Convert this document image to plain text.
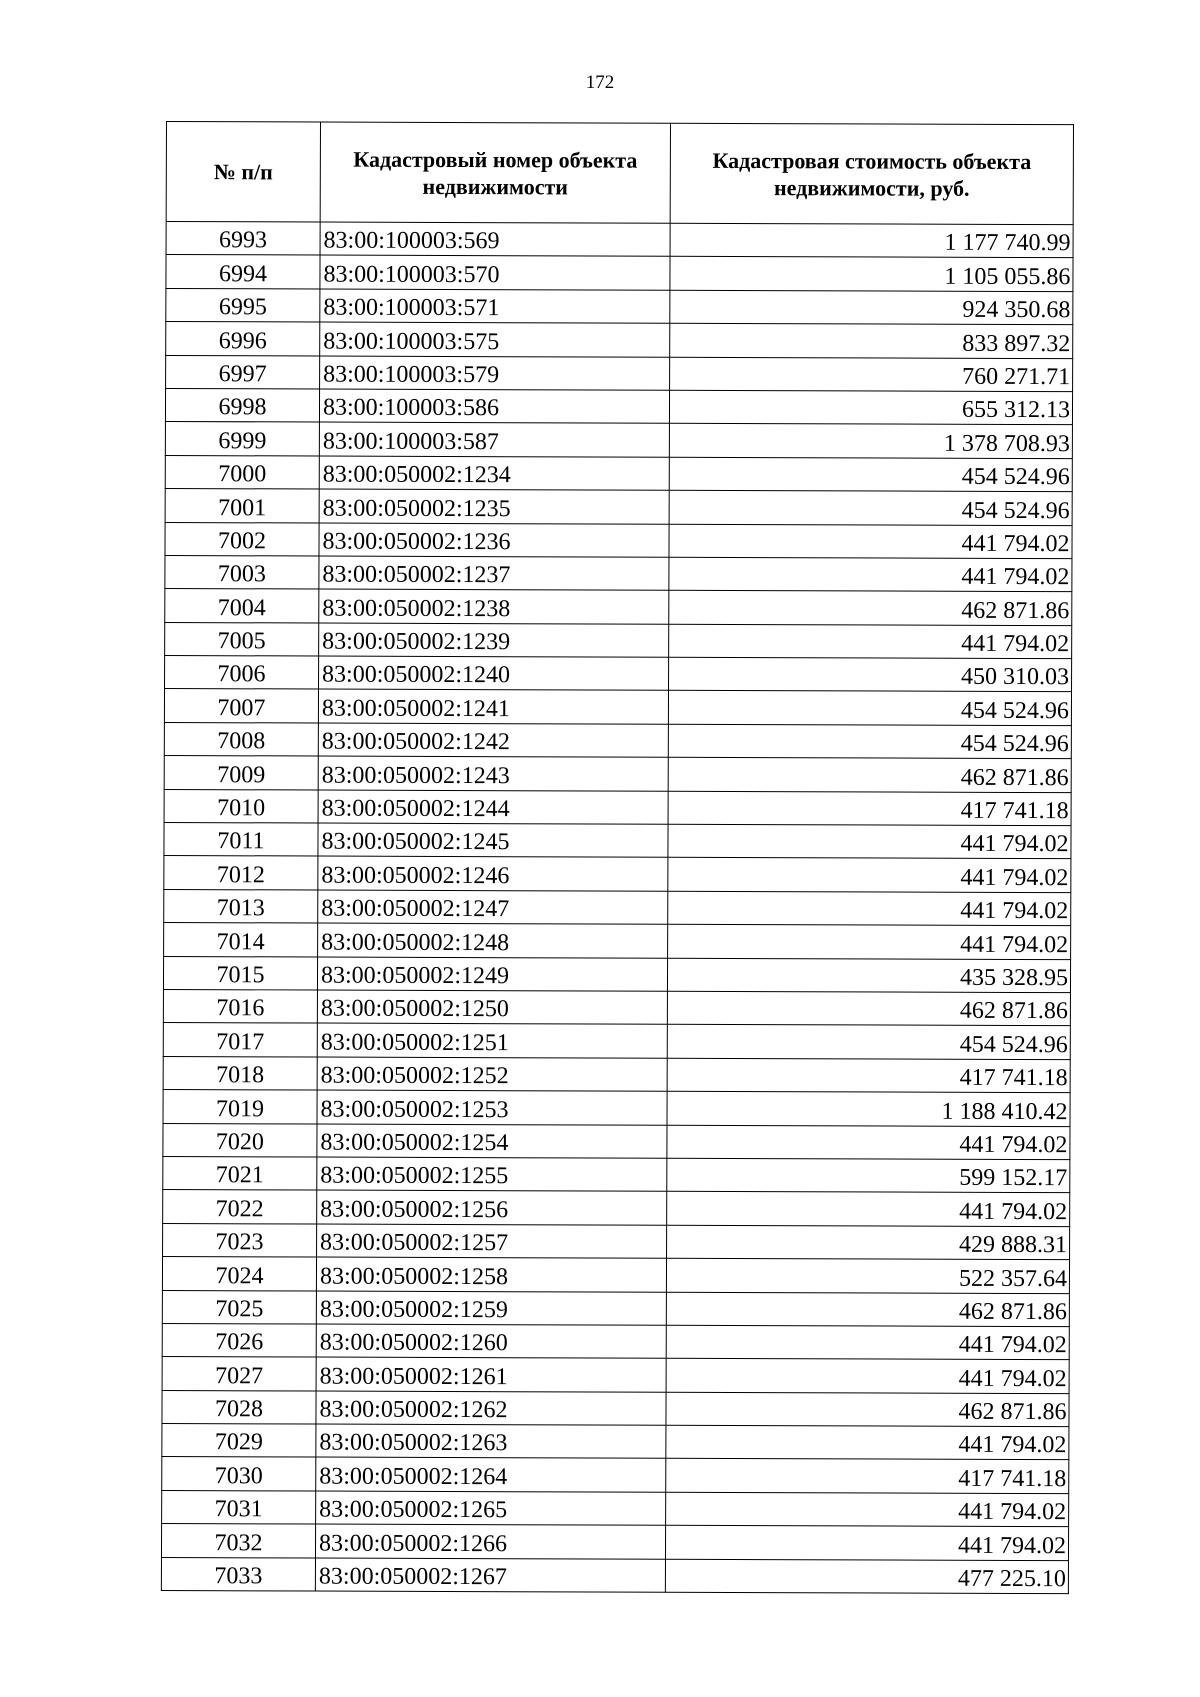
172
№ п/п	Кадастровый номер объекта недвижимости	Кадастровая стоимость объекта недвижимости, руб.
6993	83:00:100003:569	1 177 740.99
6994	83:00:100003:570	1 105 055.86
6995	83:00:100003:571	924 350.68
6996	83:00:100003:575	833 897.32
6997	83:00:100003:579	760 271.71
6998	83:00:100003:586	655 312.13
6999	83:00:100003:587	1 378 708.93
7000	83:00:050002:1234	454 524.96
7001	83:00:050002:1235	454 524.96
7002	83:00:050002:1236	441 794.02
7003	83:00:050002:1237	441 794.02
7004	83:00:050002:1238	462 871.86
7005	83:00:050002:1239	441 794.02
7006	83:00:050002:1240	450 310.03
7007	83:00:050002:1241	454 524.96
7008	83:00:050002:1242	454 524.96
7009	83:00:050002:1243	462 871.86
7010	83:00:050002:1244	417 741.18
7011	83:00:050002:1245	441 794.02
7012	83:00:050002:1246	441 794.02
7013	83:00:050002:1247	441 794.02
7014	83:00:050002:1248	441 794.02
7015	83:00:050002:1249	435 328.95
7016	83:00:050002:1250	462 871.86
7017	83:00:050002:1251	454 524.96
7018	83:00:050002:1252	417 741.18
7019	83:00:050002:1253	1 188 410.42
7020	83:00:050002:1254	441 794.02
7021	83:00:050002:1255	599 152.17
7022	83:00:050002:1256	441 794.02
7023	83:00:050002:1257	429 888.31
7024	83:00:050002:1258	522 357.64
7025	83:00:050002:1259	462 871.86
7026	83:00:050002:1260	441 794.02
7027	83:00:050002:1261	441 794.02
7028	83:00:050002:1262	462 871.86
7029	83:00:050002:1263	441 794.02
7030	83:00:050002:1264	417 741.18
7031	83:00:050002:1265	441 794.02
7032	83:00:050002:1266	441 794.02
7033	83:00:050002:1267	477 225.10
